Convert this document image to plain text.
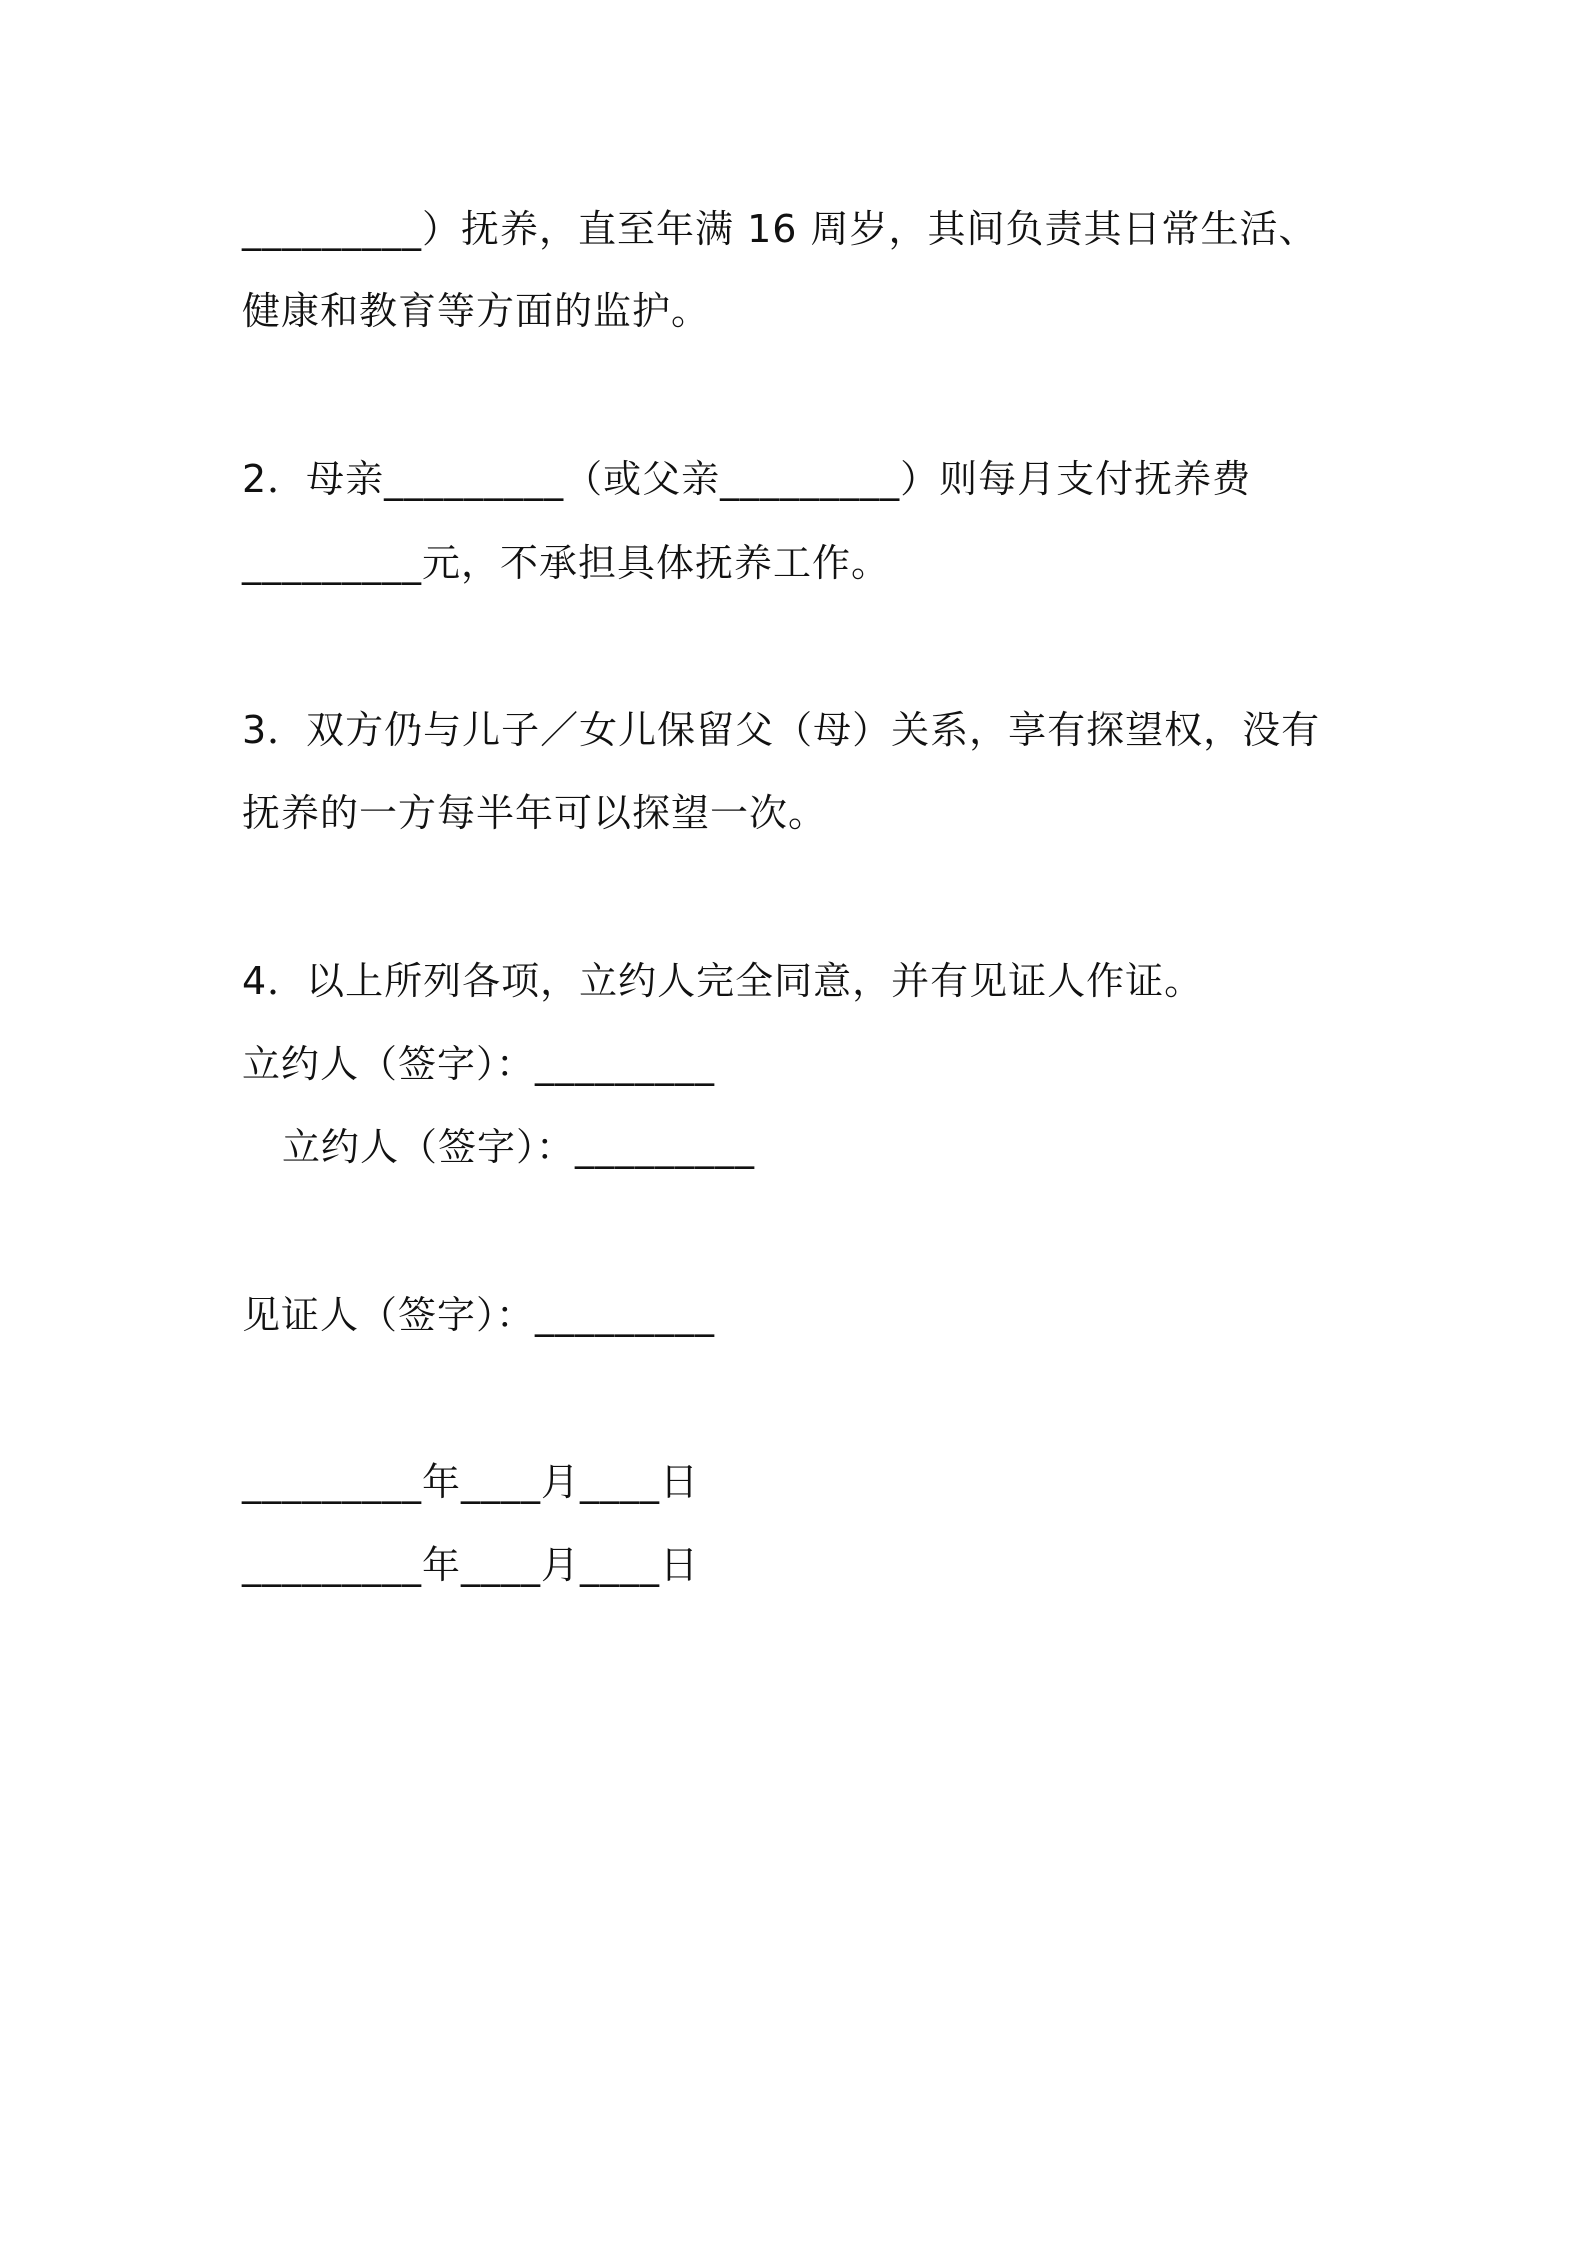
_________）抚养，直至年满 16 周岁，其间负责其日常生活、
健康和教育等方面的监护。
2．母亲_________（或父亲_________）则每月支付抚养费
_________元，不承担具体抚养工作。
3．双方仍与儿子／女儿保留父（母）关系，享有探望权，没有
抚养的一方每半年可以探望一次。
4．以上所列各项，立约人完全同意，并有见证人作证。
立约人（签字）：_________
立约人（签字）：_________
见证人（签字）：_________
_________年____月____日
_________年____月____日
